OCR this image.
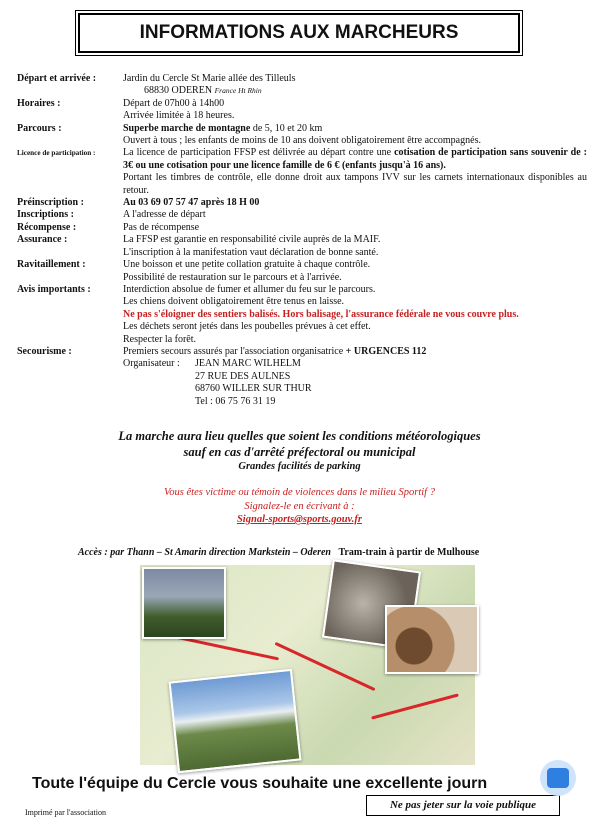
INFORMATIONS AUX MARCHEURS
Départ et arrivée :	Jardin du Cercle St Marie allée des Tilleuls
68830 ODEREN France Ht Rhin
Horaires :	Départ de 07h00 à 14h00
Arrivée limitée à 18 heures.
Parcours :	Superbe marche de montagne de 5, 10 et 20 km
Ouvert à tous ; les enfants de moins de 10 ans doivent obligatoirement être accompagnés.
Licence de participation :	La licence de participation FFSP est délivrée au départ contre une cotisation de participation sans souvenir de : 3€ ou une cotisation pour une licence famille de 6 € (enfants jusqu'à 16 ans).
Portant les timbres de contrôle, elle donne droit aux tampons IVV sur les carnets internationaux disponibles au retour.
Préinscription :	Au 03 69 07 57 47 après 18 H 00
Inscriptions :	A l'adresse de départ
Récompense :	Pas de récompense
Assurance :	La FFSP est garantie en responsabilité civile auprès de la MAIF.
L'inscription à la manifestation vaut déclaration de bonne santé.
Ravitaillement :	Une boisson et une petite collation gratuite à chaque contrôle.
Possibilité de restauration sur le parcours et à l'arrivée.
Avis importants :	Interdiction absolue de fumer et allumer du feu sur le parcours.
Les chiens doivent obligatoirement être tenus en laisse.
Ne pas s'éloigner des sentiers balisés. Hors balisage, l'assurance fédérale ne vous couvre plus.
Les déchets seront jetés dans les poubelles prévues à cet effet.
Respecter la forêt.
Secourisme :	Premiers secours assurés par l'association organisatrice + URGENCES 112
Organisateur :	JEAN MARC WILHELM
27 RUE DES AULNES
68760 WILLER SUR THUR
Tel : 06 75 76 31 19
La marche aura lieu quelles que soient les conditions météorologiques
sauf en cas d'arrêté préfectoral ou municipal
Grandes facilités de parking
Vous êtes victime ou témoin de violences dans le milieu Sportif ?
Signalez-le en écrivant à :
Signal-sports@sports.gouv.fr
Accès : par Thann – St Amarin direction Markstein – Oderen Tram-train à partir de Mulhouse
Toute l'équipe du Cercle vous souhaite une excellente journ
Ne pas jeter sur la voie publique
Imprimé par l'association
